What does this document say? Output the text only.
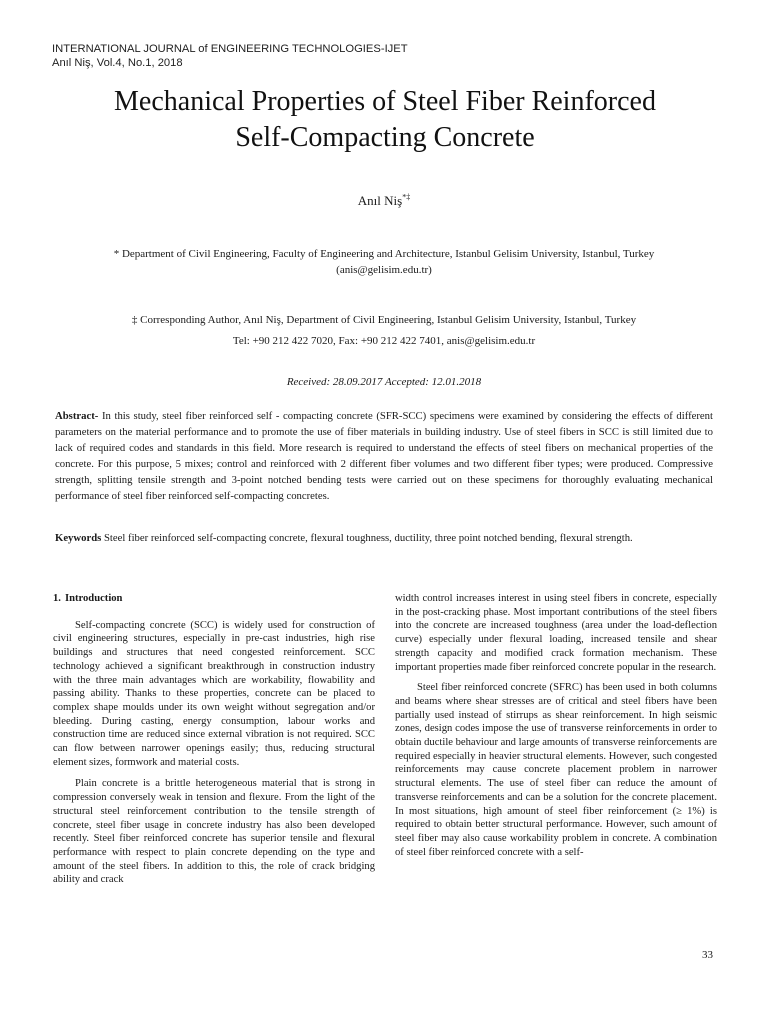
INTERNATIONAL JOURNAL of ENGINEERING TECHNOLOGIES-IJET
Anıl Niş, Vol.4, No.1, 2018
Mechanical Properties of Steel Fiber Reinforced
Self-Compacting Concrete
Anıl Niş*‡
* Department of Civil Engineering, Faculty of Engineering and Architecture, Istanbul Gelisim University, Istanbul, Turkey
(anis@gelisim.edu.tr)
‡ Corresponding Author, Anıl Niş, Department of Civil Engineering, Istanbul Gelisim University, Istanbul, Turkey
Tel: +90 212 422 7020, Fax: +90 212 422 7401, anis@gelisim.edu.tr
Received: 28.09.2017 Accepted: 12.01.2018
Abstract- In this study, steel fiber reinforced self - compacting concrete (SFR-SCC) specimens were examined by considering the effects of different parameters on the material performance and to promote the use of fiber materials in building industry. Use of steel fibers in SCC is still limited due to lack of required codes and standards in this field. More research is required to understand the effects of steel fibers on mechanical properties of the concrete. For this purpose, 5 mixes; control and reinforced with 2 different fiber volumes and two different fiber types; were produced. Compressive strength, splitting tensile strength and 3-point notched bending tests were carried out on these specimens for thoroughly evaluating mechanical performance of steel fiber reinforced self-compacting concretes.
Keywords Steel fiber reinforced self-compacting concrete, flexural toughness, ductility, three point notched bending, flexural strength.
1. Introduction

Self-compacting concrete (SCC) is widely used for construction of civil engineering structures, especially in pre-cast industries, high rise buildings and structures that need congested reinforcement. SCC technology achieved a significant breakthrough in construction industry with the three main advantages which are workability, flowability and passing ability. Thanks to these properties, concrete can be placed to complex shape moulds under its own weight without segregation and/or bleeding. During casting, energy consumption, labour works and construction time are reduced since external vibration is not required. SCC can flow between narrower openings easily; thus, reducing structural element sizes, formwork and material costs.

Plain concrete is a brittle heterogeneous material that is strong in compression conversely weak in tension and flexure. From the light of the structural steel reinforcement contribution to the tensile strength of concrete, steel fiber usage in concrete industry has also been developed recently. Steel fiber reinforced concrete has superior tensile and flexural performance with respect to plain concrete depending on the type and amount of the steel fibers. In addition to this, the role of crack bridging ability and crack

width control increases interest in using steel fibers in concrete, especially in the post-cracking phase. Most important contributions of the steel fibers into the concrete are increased toughness (area under the load-deflection curve) especially under flexural loading, increased tensile and shear strength capacity and modified crack formation mechanism. These important properties made fiber reinforced concrete popular in the research.

Steel fiber reinforced concrete (SFRC) has been used in both columns and beams where shear stresses are of critical and steel fibers have been partially used instead of stirrups as shear reinforcement. In high seismic zones, design codes impose the use of transverse reinforcements in order to obtain ductile behaviour and large amounts of transverse reinforcements are required especially in heavier structural elements. However, such congested reinforcements may cause concrete placement problem in narrower structural elements. The use of steel fiber can reduce the amount of transverse reinforcements and can be a solution for the concrete placement. In most situations, high amount of steel fiber reinforcement (≥ 1%) is required to obtain better structural performance. However, such amount of steel fiber may also cause workability problem in concrete. A combination of steel fiber reinforced concrete with a self-

33
